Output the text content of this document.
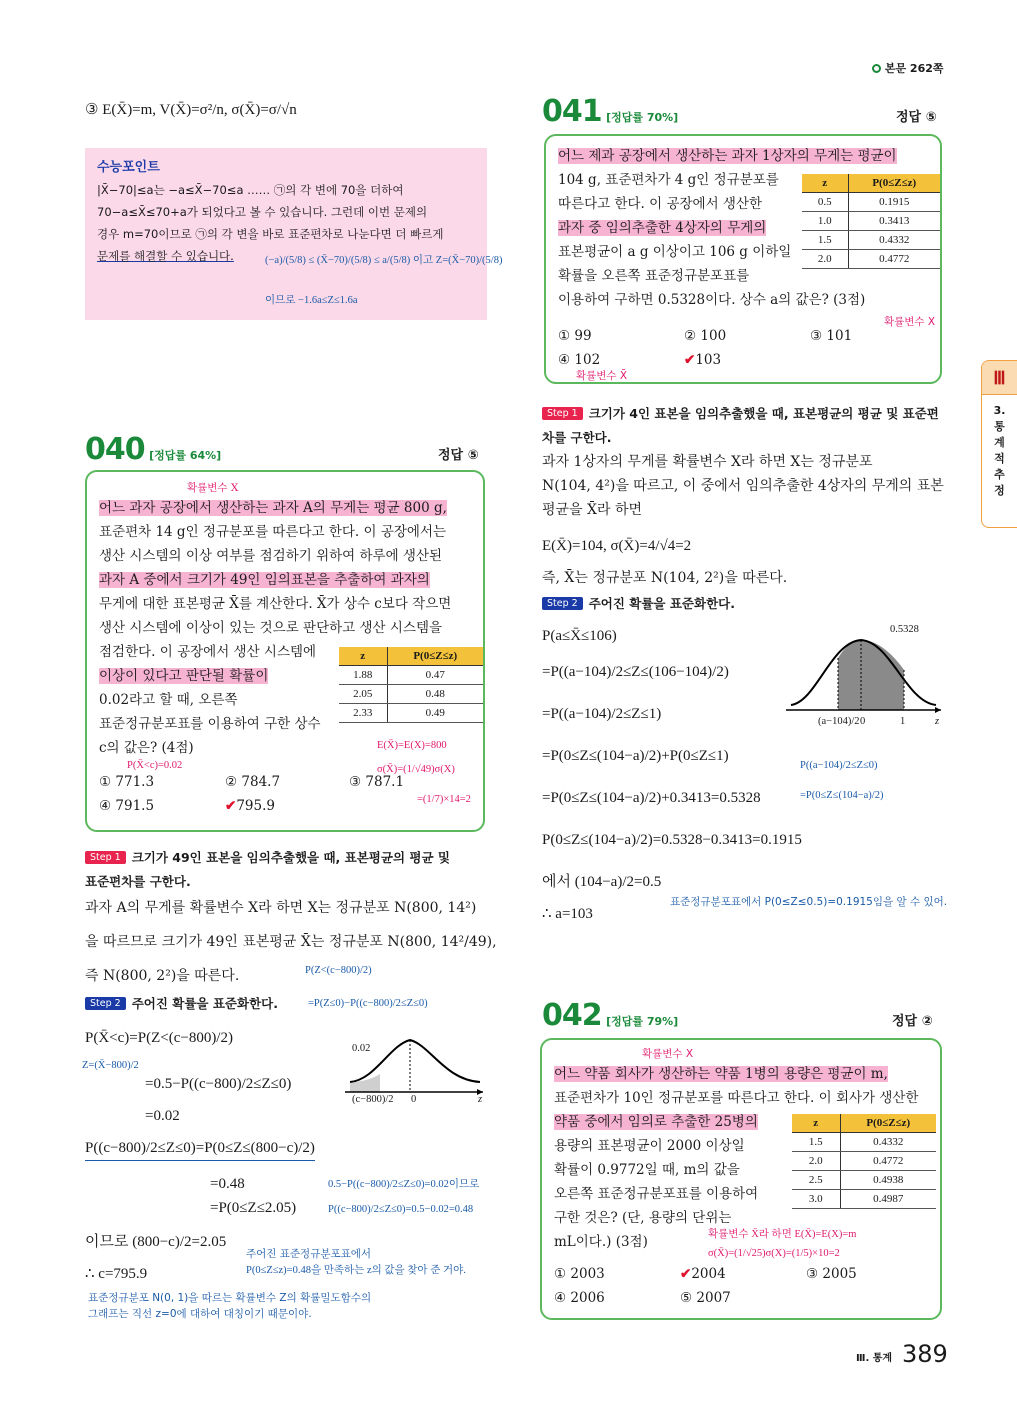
본문 262쪽
③ E(X̄)=m, V(X̄)=σ²/n, σ(X̄)=σ/√n
수능포인트
|X̄−70|≤a는 −a≤X̄−70≤a …… ㉠의 각 변에 70을 더하여
70−a≤X̄≤70+a가 되었다고 볼 수 있습니다. 그런데 이번 문제의
경우 m=70이므로 ㉠의 각 변을 바로 표준편차로 나눈다면 더 빠르게
문제를 해결할 수 있습니다.	(−a)/(5/8) ≤ (X̄−70)/(5/8) ≤ a/(5/8) 이고 Z=(X̄−70)/(5/8)
이므로 −1.6a≤Z≤1.6a
040 [정답률 64%]	정답 ⑤
확률변수 X
어느 과자 공장에서 생산하는 과자 A의 무게는 평균 800 g,
표준편차 14 g인 정규분포를 따른다고 한다. 이 공장에서는
생산 시스템의 이상 여부를 점검하기 위하여 하루에 생산된
과자 A 중에서 크기가 49인 임의표본을 추출하여 과자의
무게에 대한 표본평균 X̄를 계산한다. X̄가 상수 c보다 작으면
생산 시스템에 이상이 있는 것으로 판단하고 생산 시스템을
점검한다. 이 공장에서 생산 시스템에
이상이 있다고 판단될 확률이
0.02라고 할 때, 오른쪽
표준정규분포표를 이용하여 구한 상수
c의 값은? (4점)
P(X̄<c)=0.02
z	P(0≤Z≤z)
1.88	0.47
2.05	0.48
2.33	0.49
E(X̄)=E(X)=800
σ(X̄)=(1/√49)σ(X)
=(1/7)×14=2
① 771.3	② 784.7	③ 787.1
④ 791.5	✔795.9
Step 1 크기가 49인 표본을 임의추출했을 때, 표본평균의 평균 및
표준편차를 구한다.
과자 A의 무게를 확률변수 X라 하면 X는 정규분포 N(800, 14²)
을 따르므로 크기가 49인 표본평균 X̄는 정규분포 N(800, 14²/49),
즉 N(800, 2²)을 따른다.
Step 2 주어진 확률을 표준화한다.
P(Z<(c−800)/2)
=P(Z≤0)−P((c−800)/2≤Z≤0)
P(X̄<c)=P(Z<(c−800)/2)
Z=(X̄−800)/2
=0.5−P((c−800)/2≤Z≤0)
=0.02
0.02
(c−800)/2 0	z
P((c−800)/2≤Z≤0)=P(0≤Z≤(800−c)/2)
=0.48	0.5−P((c−800)/2≤Z≤0)=0.02이므로
=P(0≤Z≤2.05)	P((c−800)/2≤Z≤0)=0.5−0.02=0.48
이므로 (800−c)/2=2.05
주어진 표준정규분포표에서
P(0≤Z≤z)=0.48을 만족하는 z의 값을 찾아 준 거야.
∴ c=795.9
표준정규분포 N(0, 1)을 따르는 확률변수 Z의 확률밀도함수의
그래프는 직선 z=0에 대하여 대칭이기 때문이야.
041 [정답률 70%]	정답 ⑤
어느 제과 공장에서 생산하는 과자 1상자의 무게는 평균이
104 g, 표준편차가 4 g인 정규분포를
따른다고 한다. 이 공장에서 생산한
과자 중 임의추출한 4상자의 무게의
표본평균이 a g 이상이고 106 g 이하일
확률을 오른쪽 표준정규분포표를
이용하여 구하면 0.5328이다. 상수 a의 값은? (3점)
z	P(0≤Z≤z)
0.5	0.1915
1.0	0.3413
1.5	0.4332
2.0	0.4772
확률변수 X
① 99	② 100	③ 101
④ 102	✔103
확률변수 X̄
Step 1 크기가 4인 표본을 임의추출했을 때, 표본평균의 평균 및 표준편
차를 구한다.
과자 1상자의 무게를 확률변수 X라 하면 X는 정규분포
N(104, 4²)을 따르고, 이 중에서 임의추출한 4상자의 무게의 표본
평균을 X̄라 하면
E(X̄)=104, σ(X̄)=4/√4=2
즉, X̄는 정규분포 N(104, 2²)을 따른다.
Step 2 주어진 확률을 표준화한다.
P(a≤X̄≤106)
=P((a−104)/2≤Z≤(106−104)/2)
=P((a−104)/2≤Z≤1)
=P(0≤Z≤(104−a)/2)+P(0≤Z≤1)
P((a−104)/2≤Z≤0)
=P(0≤Z≤(104−a)/2)+0.3413=0.5328	=P(0≤Z≤(104−a)/2)
P(0≤Z≤(104−a)/2)=0.5328−0.3413=0.1915
에서 (104−a)/2=0.5
표준정규분포표에서 P(0≤Z≤0.5)=0.1915임을 알 수 있어.
∴ a=103
0.5328
(a−104)/2 0	1	z
042 [정답률 79%]	정답 ②
확률변수 X
어느 약품 회사가 생산하는 약품 1병의 용량은 평균이 m,
표준편차가 10인 정규분포를 따른다고 한다. 이 회사가 생산한
약품 중에서 임의로 추출한 25병의
용량의 표본평균이 2000 이상일
확률이 0.9772일 때, m의 값을
오른쪽 표준정규분포표를 이용하여
구한 것은? (단, 용량의 단위는
mL이다.) (3점)
z	P(0≤Z≤z)
1.5	0.4332
2.0	0.4772
2.5	0.4938
3.0	0.4987
확률변수 X̄라 하면 E(X̄)=E(X)=m
σ(X̄)=(1/√25)σ(X)=(1/5)×10=2
① 2003	✔2004	③ 2005
④ 2006	⑤ 2007
Ⅲ
3.통계적추정
Ⅲ. 통계 389
